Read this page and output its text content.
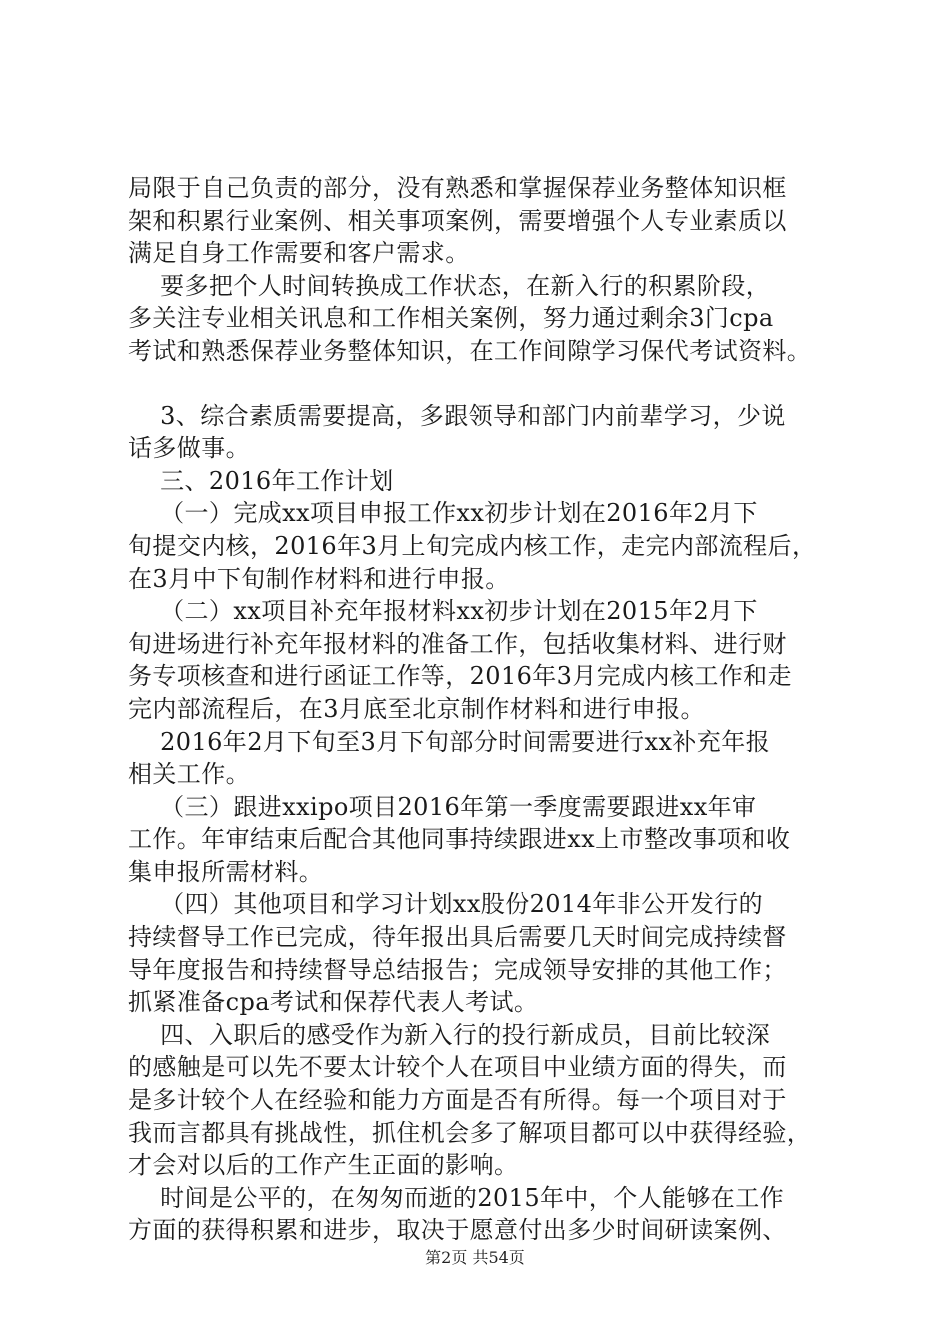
局限于自己负责的部分，没有熟悉和掌握保荐业务整体知识框
架和积累行业案例、相关事项案例，需要增强个人专业素质以
满足自身工作需要和客户需求。

要多把个人时间转换成工作状态，在新入行的积累阶段，
多关注专业相关讯息和工作相关案例，努力通过剩余3门cpa
考试和熟悉保荐业务整体知识，在工作间隙学习保代考试资料。

3、综合素质需要提高，多跟领导和部门内前辈学习，少说
话多做事。

三、2016年工作计划

（一）完成xx项目申报工作xx初步计划在2016年2月下
旬提交内核，2016年3月上旬完成内核工作，走完内部流程后，
在3月中下旬制作材料和进行申报。

（二）xx项目补充年报材料xx初步计划在2015年2月下
旬进场进行补充年报材料的准备工作，包括收集材料、进行财
务专项核查和进行函证工作等，2016年3月完成内核工作和走
完内部流程后，在3月底至北京制作材料和进行申报。

2016年2月下旬至3月下旬部分时间需要进行xx补充年报
相关工作。

（三）跟进xxipo项目2016年第一季度需要跟进xx年审
工作。年审结束后配合其他同事持续跟进xx上市整改事项和收
集申报所需材料。

（四）其他项目和学习计划xx股份2014年非公开发行的
持续督导工作已完成，待年报出具后需要几天时间完成持续督
导年度报告和持续督导总结报告；完成领导安排的其他工作；
抓紧准备cpa考试和保荐代表人考试。

四、入职后的感受作为新入行的投行新成员，目前比较深
的感触是可以先不要太计较个人在项目中业绩方面的得失，而
是多计较个人在经验和能力方面是否有所得。每一个项目对于
我而言都具有挑战性，抓住机会多了解项目都可以中获得经验，
才会对以后的工作产生正面的影响。

时间是公平的，在匆匆而逝的2015年中，个人能够在工作
方面的获得积累和进步，取决于愿意付出多少时间研读案例、

第2页 共54页
